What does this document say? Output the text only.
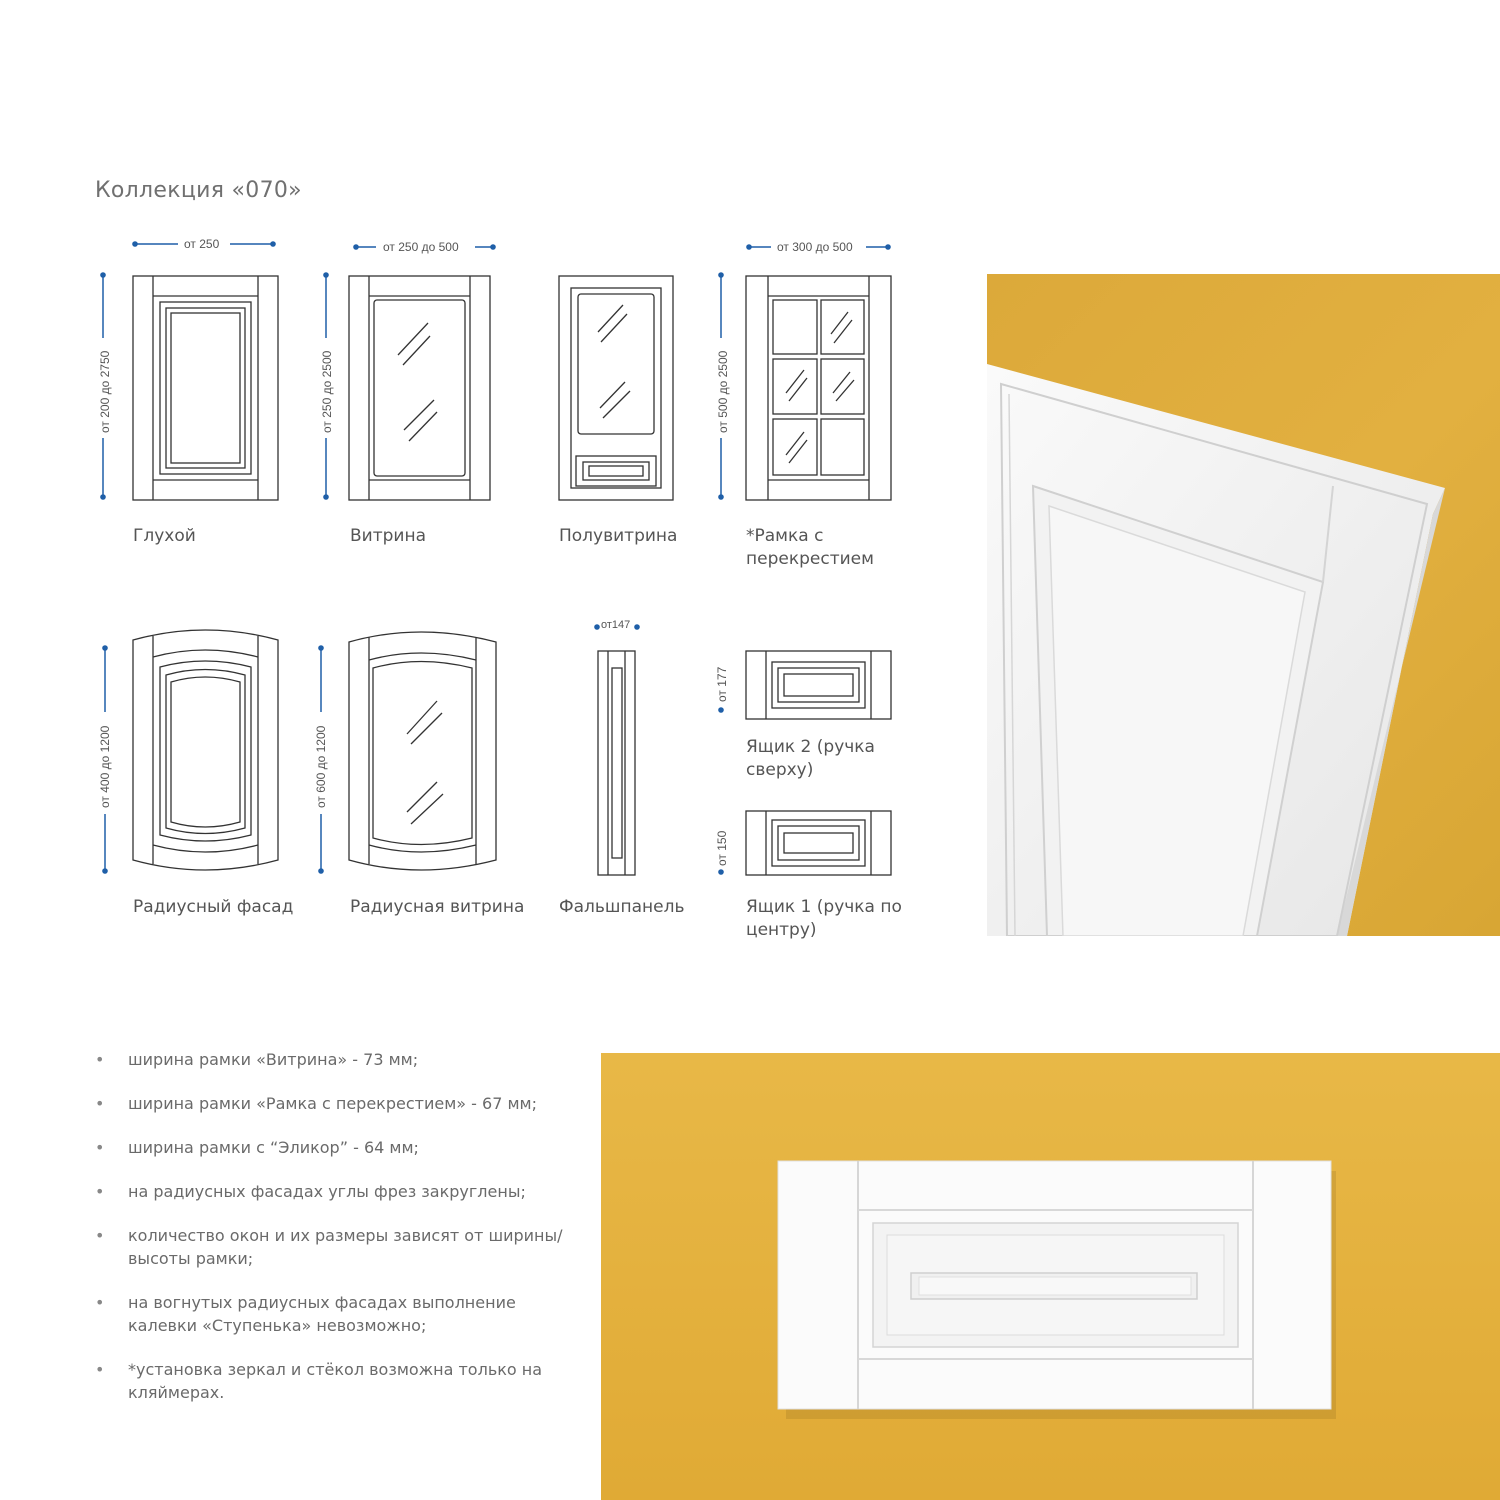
Коллекция «070»
от 250
от 200 до 2750
от 250 до 500
от 250 до 2500
от 300 до 500
от 500 до 2500
от 400 до 1200	от 600 до 1200
от147
от 177
от 150
Глухой	Витрина	Полувитрина	*Рамка с перекрестием
Радиусный фасад	Радиусная витрина Фальшпанель
Ящик 2 (ручка сверху)
Ящик 1 (ручка по центру)
• ширина рамки «Витрина» - 73 мм;
• ширина рамки «Рамка с перекрестием» - 67 мм;
• ширина рамки с “Эликор” - 64 мм;
• на радиусных фасадах углы фрез закруглены;
• количество окон и их размеры зависят от ширины/высоты рамки;
• на вогнутых радиусных фасадах выполнение калевки «Ступенька» невозможно;
• *установка зеркал и стёкол возможна только на кляймерах.
